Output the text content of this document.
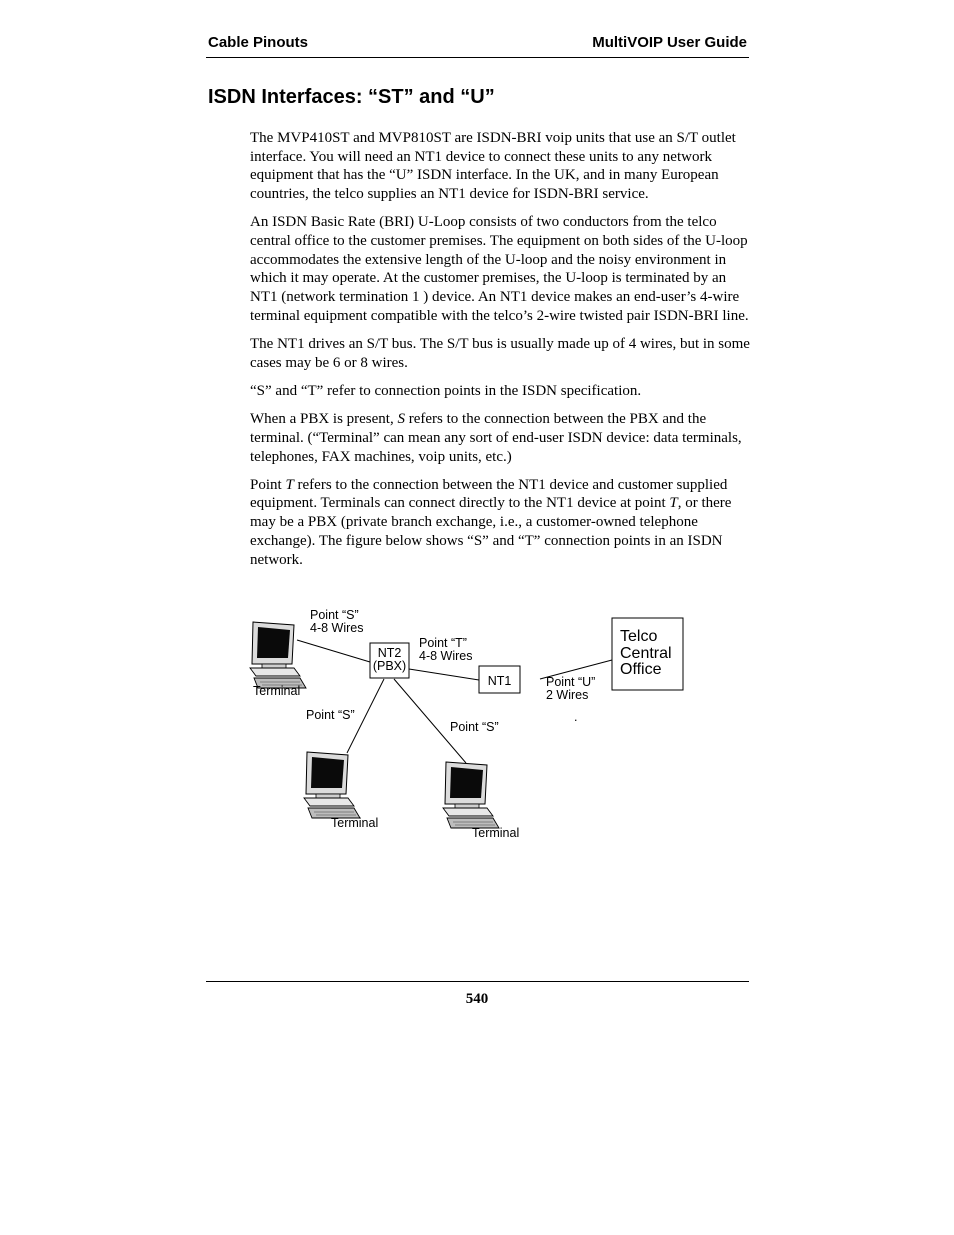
Cable Pinouts	MultiVOIP User Guide
ISDN Interfaces: “ST” and “U”

The MVP410ST and MVP810ST are ISDN-BRI voip units that use an S/T outlet interface. You will need an NT1 device to connect these units to any network equipment that has the “U” ISDN interface. In the UK, and in many European countries, the telco supplies an NT1 device for ISDN-BRI service.

An ISDN Basic Rate (BRI) U-Loop consists of two conductors from the telco central office to the customer premises. The equipment on both sides of the U-loop accommodates the extensive length of the U-loop and the noisy environment in which it may operate. At the customer premises, the U-loop is terminated by an NT1 (network termination 1 ) device. An NT1 device makes an end-user’s 4-wire terminal equipment compatible with the telco’s 2-wire twisted pair ISDN-BRI line.

The NT1 drives an S/T bus. The S/T bus is usually made up of 4 wires, but in some cases may be 6 or 8 wires.

“S” and “T” refer to connection points in the ISDN specification.

When a PBX is present, S refers to the connection between the PBX and the terminal. (“Terminal” can mean any sort of end-user ISDN device: data terminals, telephones, FAX machines, voip units, etc.)

Point T refers to the connection between the NT1 device and customer supplied equipment. Terminals can connect directly to the NT1 device at point T, or there may be a PBX (private branch exchange, i.e., a customer-owned telephone exchange). The figure below shows “S” and “T” connection points in an ISDN network.

Point “S”
4-8 Wires
NT2
(PBX)
Point “T”
4-8 Wires
NT1	Point “U”
2 Wires
Telco
Central
Office
Terminal
Point “S”
Point “S”
.
Terminal
Terminal
540
